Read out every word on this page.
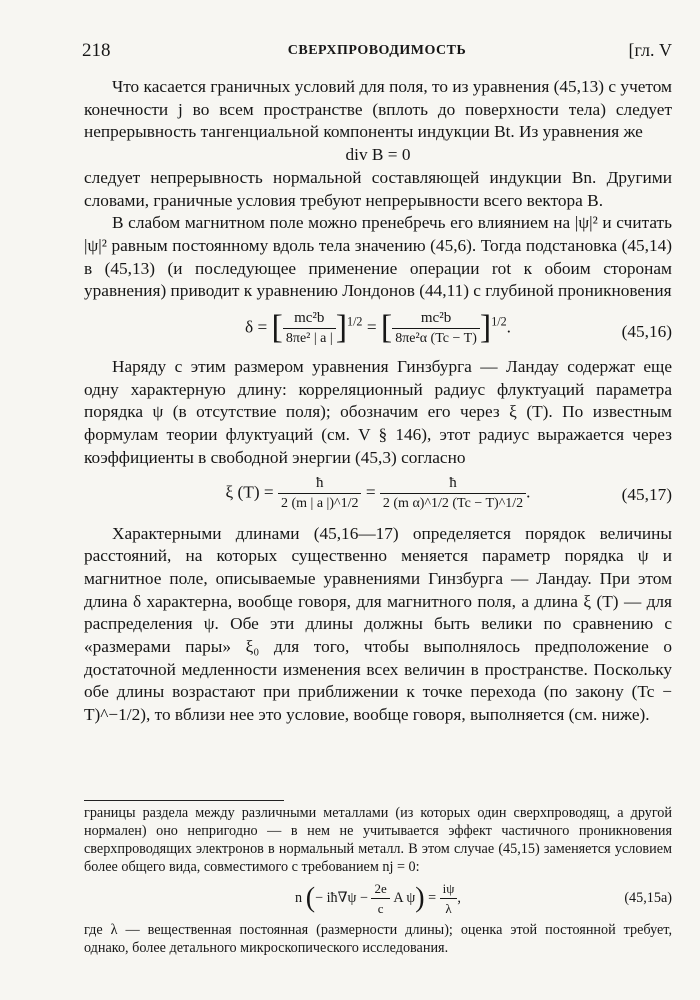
218	СВЕРХПРОВОДИМОСТЬ	[гл. V

Что касается граничных условий для поля, то из уравнения (45,13) с учетом конечности j во всем пространстве (вплоть до поверхности тела) следует непрерывность тангенциальной компоненты индукции Bt. Из уравнения же

div B = 0

следует непрерывность нормальной составляющей индукции Bn. Другими словами, граничные условия требуют непрерывности всего вектора B.

В слабом магнитном поле можно пренебречь его влиянием на |ψ|² и считать |ψ|² равным постоянному вдоль тела значению (45,6). Тогда подстановка (45,14) в (45,13) (и последующее применение операции rot к обоим сторонам уравнения) приводит к уравнению Лондонов (44,11) с глубиной проникновения

δ = [ $\frac{\text{mc²b}}{\text{8πe² | a |}} ]^{1/2}$ = [ $\frac{\text{mc²b}}{\text{8πe²α (Tc − T)}} ]^{1/2}$.	(45,16)

Наряду с этим размером уравнения Гинзбурга — Ландау содержат еще одну характерную длину: корреляционный радиус флуктуаций параметра порядка ψ (в отсутствие поля); обозначим его через ξ (T). По известным формулам теории флуктуаций (см. V § 146), этот радиус выражается через коэффициенты в свободной энергии (45,3) согласно

ξ $(T) = \frac{ħ}{2 (m | a |)\^{}1/2} = \frac{ħ}{\text{2 (m α)\textasciicircum{}1/2 (Tc − T)\textasciicircum{}1/2}}$ .	(45,17)

Характерными длинами (45,16—17) определяется порядок величины расстояний, на которых существенно меняется параметр порядка ψ и магнитное поле, описываемые уравнениями Гинзбурга — Ландау. При этом длина δ характерна, вообще говоря, для магнитного поля, а длина ξ (T) — для распределения ψ. Обе эти длины должны быть велики по сравнению с «размерами пары» ξ₀ для того, чтобы выполнялось предположение о достаточной медленности изменения всех величин в пространстве. Поскольку обе длины возрастают при приближении к точке перехода (по закону (Tc − T)^−1/2), то вблизи нее это условие, вообще говоря, выполняется (см. ниже).

границы раздела между различными металлами (из которых один сверхпроводящ, а другой нормален) оно непригодно — в нем не учитывается эффект частичного проникновения сверхпроводящих электронов в нормальный металл. В этом случае (45,15) заменяется условием более общего вида, совместимого с требованием nj = 0:

n (− iħ∇ψ − $\frac{2e}{c}$ A $\psi) = \frac{i\psi}{\lambda}$ ,	(45,15a)

где λ — вещественная постоянная (размерности длины); оценка этой постоянной требует, однако, более детального микроскопического исследования.
